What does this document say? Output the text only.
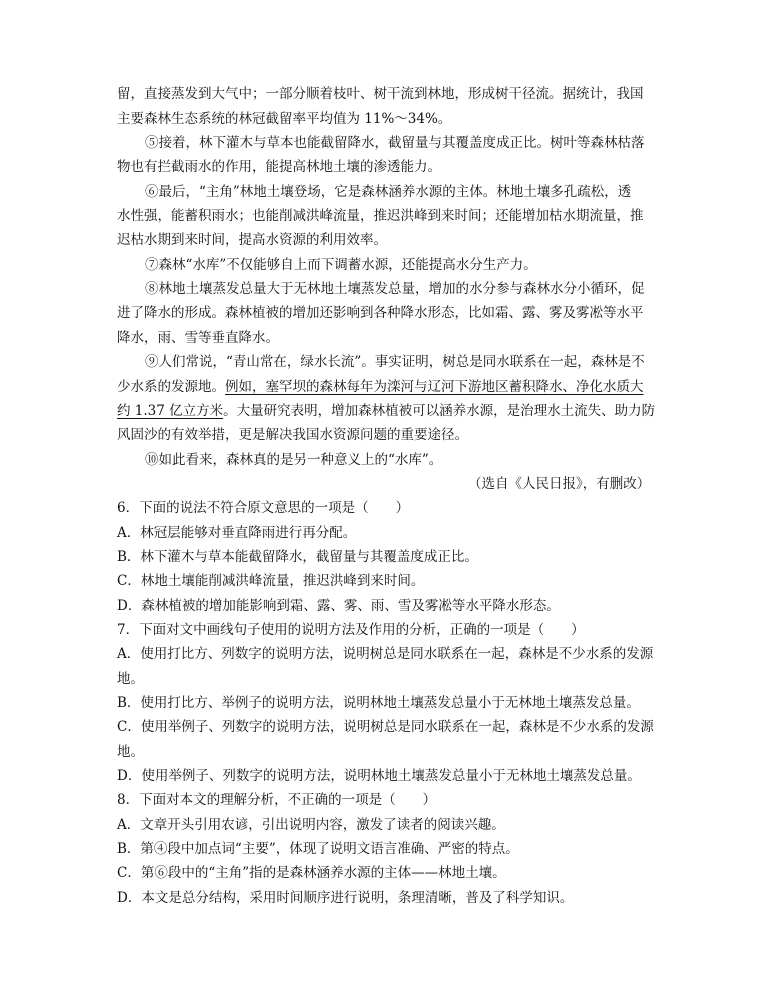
留，直接蒸发到大气中；一部分顺着枝叶、树干流到林地，形成树干径流。据统计，我国
主要森林生态系统的林冠截留率平均值为 11%～34%。
⑤接着，林下灌木与草本也能截留降水，截留量与其覆盖度成正比。树叶等森林枯落
物也有拦截雨水的作用，能提高林地土壤的渗透能力。
⑥最后，“主角”林地土壤登场，它是森林涵养水源的主体。林地土壤多孔疏松，透
水性强，能蓄积雨水；也能削减洪峰流量，推迟洪峰到来时间；还能增加枯水期流量，推
迟枯水期到来时间，提高水资源的利用效率。
⑦森林“水库”不仅能够自上而下调蓄水源，还能提高水分生产力。
⑧林地土壤蒸发总量大于无林地土壤蒸发总量，增加的水分参与森林水分小循环，促
进了降水的形成。森林植被的增加还影响到各种降水形态，比如霜、露、雾及雾凇等水平
降水，雨、雪等垂直降水。
⑨人们常说，“青山常在，绿水长流”。事实证明，树总是同水联系在一起，森林是不
少水系的发源地。例如，塞罕坝的森林每年为滦河与辽河下游地区蓄积降水、净化水质大
约 1.37 亿立方米。大量研究表明，增加森林植被可以涵养水源，是治理水土流失、助力防
风固沙的有效举措，更是解决我国水资源问题的重要途径。
⑩如此看来，森林真的是另一种意义上的“水库”。
（选自《人民日报》，有删改）
6．下面的说法不符合原文意思的一项是（　　）
A．林冠层能够对垂直降雨进行再分配。
B．林下灌木与草本能截留降水，截留量与其覆盖度成正比。
C．林地土壤能削减洪峰流量，推迟洪峰到来时间。
D．森林植被的增加能影响到霜、露、雾、雨、雪及雾凇等水平降水形态。
7．下面对文中画线句子使用的说明方法及作用的分析，正确的一项是（　　）
A．使用打比方、列数字的说明方法，说明树总是同水联系在一起，森林是不少水系的发源
地。
B．使用打比方、举例子的说明方法，说明林地土壤蒸发总量小于无林地土壤蒸发总量。
C．使用举例子、列数字的说明方法，说明树总是同水联系在一起，森林是不少水系的发源
地。
D．使用举例子、列数字的说明方法，说明林地土壤蒸发总量小于无林地土壤蒸发总量。
8．下面对本文的理解分析，不正确的一项是（　　）
A．文章开头引用农谚，引出说明内容，激发了读者的阅读兴趣。
B．第④段中加点词“主要”，体现了说明文语言准确、严密的特点。
C．第⑥段中的“主角”指的是森林涵养水源的主体——林地土壤。
D．本文是总分结构，采用时间顺序进行说明，条理清晰，普及了科学知识。
